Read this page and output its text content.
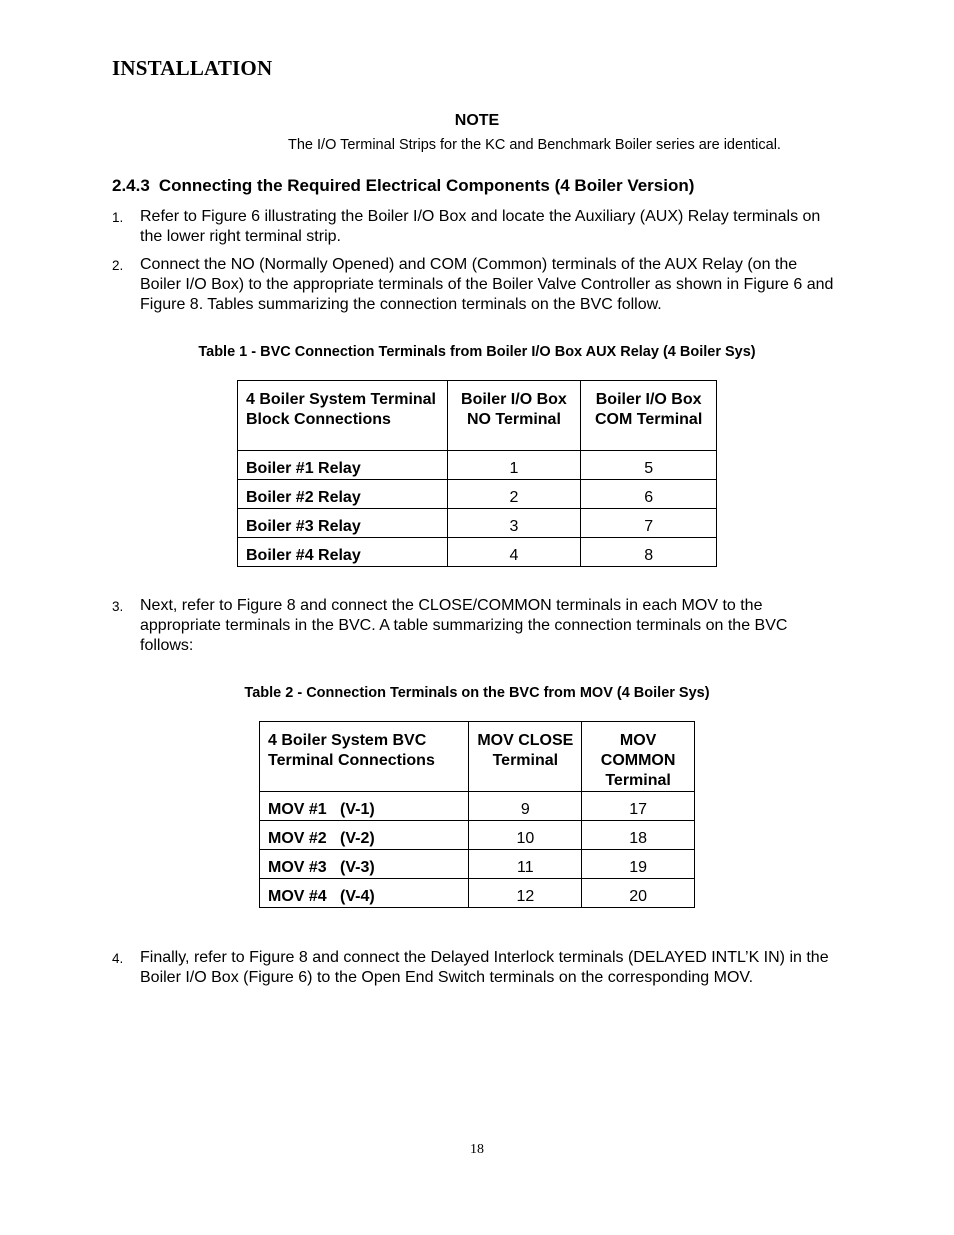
INSTALLATION
NOTE
The I/O Terminal Strips for the KC and Benchmark Boiler series are identical.
2.4.3 Connecting the Required Electrical Components (4 Boiler Version)
1. Refer to Figure 6 illustrating the Boiler I/O Box and locate the Auxiliary (AUX) Relay terminals on the lower right terminal strip.
2. Connect the NO (Normally Opened) and COM (Common) terminals of the AUX Relay (on the Boiler I/O Box) to the appropriate terminals of the Boiler Valve Controller as shown in Figure 6 and Figure 8. Tables summarizing the connection terminals on the BVC follow.
Table 1 - BVC Connection Terminals from Boiler I/O Box AUX Relay (4 Boiler Sys)
4 Boiler System Terminal Block Connections	Boiler I/O Box NO Terminal	Boiler I/O Box COM Terminal
Boiler #1 Relay	1	5
Boiler #2 Relay	2	6
Boiler #3 Relay	3	7
Boiler #4 Relay	4	8
3. Next, refer to Figure 8 and connect the CLOSE/COMMON terminals in each MOV to the appropriate terminals in the BVC. A table summarizing the connection terminals on the BVC follows:
Table 2 - Connection Terminals on the BVC from MOV (4 Boiler Sys)
4 Boiler System BVC Terminal Connections	MOV CLOSE Terminal	MOV COMMON Terminal
MOV #1   (V-1)	9	17
MOV #2   (V-2)	10	18
MOV #3   (V-3)	11	19
MOV #4   (V-4)	12	20
4. Finally, refer to Figure 8 and connect the Delayed Interlock terminals (DELAYED INTL’K IN) in the Boiler I/O Box (Figure 6) to the Open End Switch terminals on the corresponding MOV.
18
